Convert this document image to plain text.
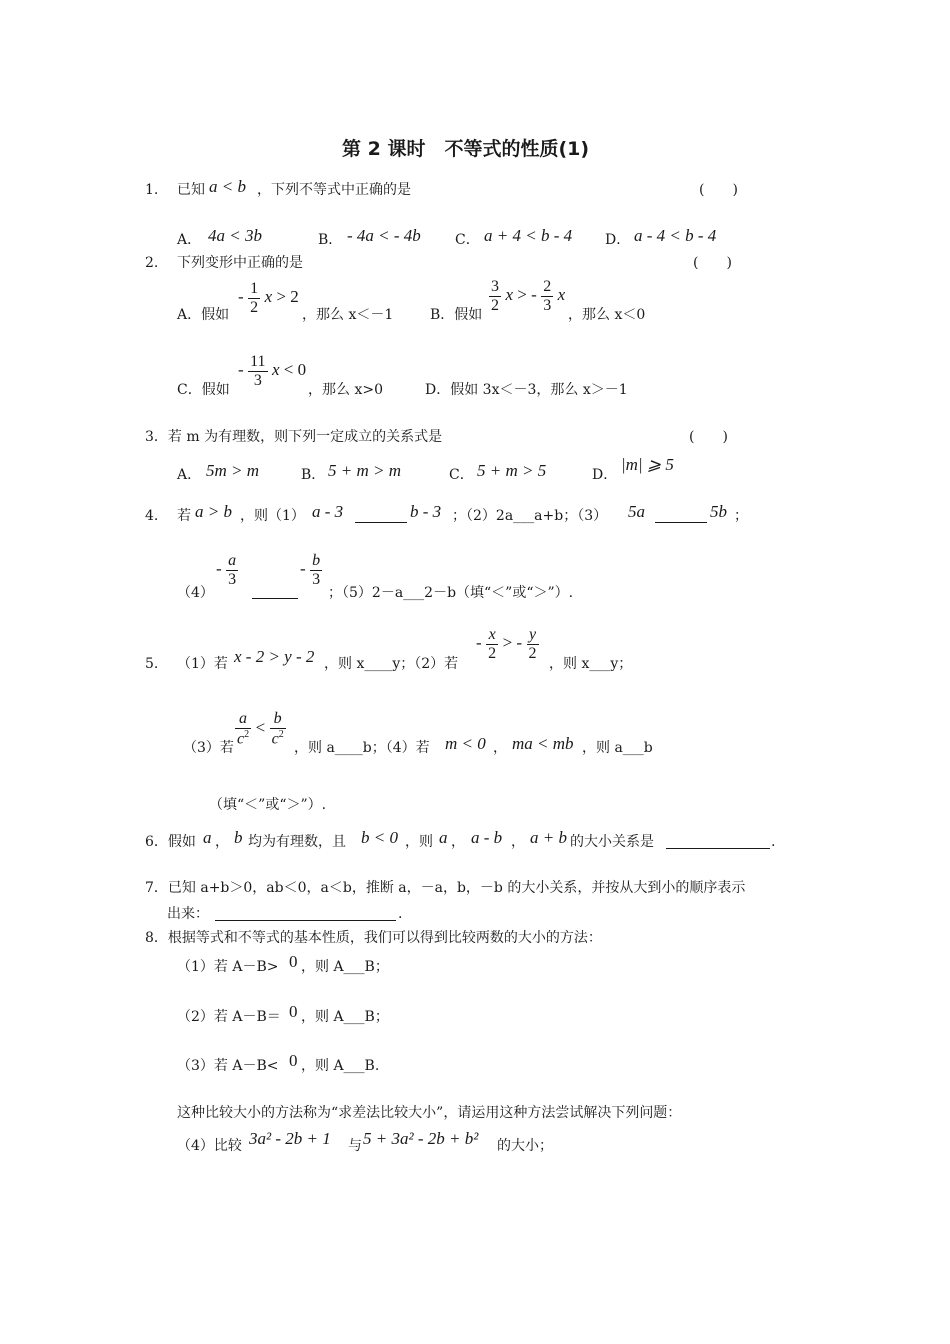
第 2 课时　不等式的性质(1)
1. 已知 a < b ，下列不等式中正确的是	(　　)
A． 4a < 3b	B． - 4a < - 4b C． a + 4 < b - 4 D． a - 4 < b - 4
2. 下列变形中正确的是	(　　)
A．假如
- $\frac{1}{2}$ x > 2
，那么 x＜－1	B．假如
$\frac{3}{2}$ x > - $\frac{2}{3}$ x
，那么 x＜0
C．假如
- $\frac{11}{3}$ x < 0
，那么 x>0	D．假如 3x＜－3，那么 x＞－1
3．若 m 为有理数，则下列一定成立的关系式是	(　　)
A． 5m > m	B． 5 + m > m	C． 5 + m > 5	D．
|m| ⩾ 5
4. 若 a > b ，则（1） a - 3	b - 3 ；（2）2a___a+b；（3） 5a	5b ；
（4）
- $\frac{a}{3}$	- $\frac{b}{3}$
；（5）2－a___2－b（填“＜”或“＞”）.
5. （1）若 x - 2 > y - 2 ，则 x____y；（2）若
- $\frac{x}{2}$ > - $\frac{y}{2}$
，则 x___y；
（3）若
$\frac{a}{c^2} < \frac{b}{c^2}$
，则 a____b；（4）若 m < 0 ， ma < mb ，则 a___b
（填“＜”或“＞”）.
6．假如 a ， b 均为有理数，且 b < 0 ，则 a ， a - b ， a + b 的大小关系是	.
7．已知 a+b＞0，ab＜0，a＜b，推断 a，－a，b，－b 的大小关系，并按从大到小的顺序表示
出来：	.
8．根据等式和不等式的基本性质，我们可以得到比较两数的大小的方法：
（1）若 A－B> 0 ，则 A___B；
（2）若 A－B＝ 0 ，则 A___B；
（3）若 A－B< 0 ，则 A___B.
这种比较大小的方法称为“求差法比较大小”，请运用这种方法尝试解决下列问题：
（4）比较 3a² - 2b + 1 与 5 + 3a² - 2b + b² 的大小；
